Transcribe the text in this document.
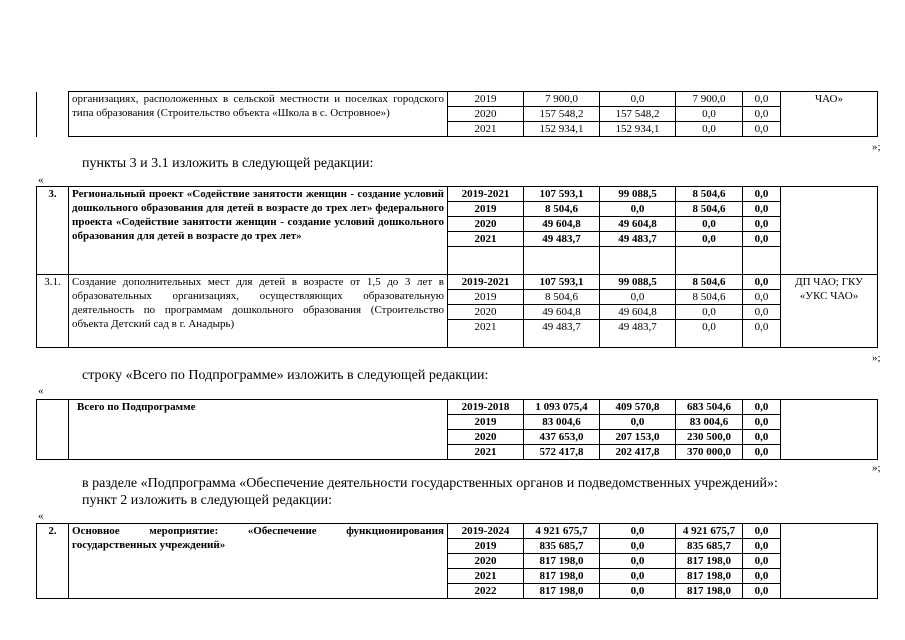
	организациях, расположенных в сельской местности и поселках городского типа образования (Строительство объекта «Школа в с. Островное»)	2019	7 900,0	0,0	7 900,0	0,0	ЧАО»
		2020	157 548,2	157 548,2	0,0	0,0	
		2021	152 934,1	152 934,1	0,0	0,0	
»;
пункты 3 и 3.1 изложить в следующей редакции:
«
3.	Региональный проект «Содействие занятости женщин - создание условий дошкольного образования для детей в возрасте до трех лет» федерального проекта «Содействие занятости женщин - создание условий дошкольного образования для детей в возрасте до трех лет»	2019-2021	107 593,1	99 088,5	8 504,6	0,0	
		2019	8 504,6	0,0	8 504,6	0,0	
		2020	49 604,8	49 604,8	0,0	0,0	
		2021	49 483,7	49 483,7	0,0	0,0	

3.1.	Создание дополнительных мест для детей в возрасте от 1,5 до 3 лет в образовательных организациях, осуществляющих образовательную деятельность по программам дошкольного образования (Строительство объекта Детский сад в г. Анадырь)	2019-2021	107 593,1	99 088,5	8 504,6	0,0	ДП ЧАО; ГКУ «УКС ЧАО»
		2019	8 504,6	0,0	8 504,6	0,0	
		2020	49 604,8	49 604,8	0,0	0,0	
		2021	49 483,7	49 483,7	0,0	0,0	
»;
строку «Всего по Подпрограмме» изложить в следующей редакции:
«
	Всего по Подпрограмме	2019-2018	1 093 075,4	409 570,8	683 504,6	0,0	
		2019	83 004,6	0,0	83 004,6	0,0	
		2020	437 653,0	207 153,0	230 500,0	0,0	
		2021	572 417,8	202 417,8	370 000,0	0,0	
»;
в разделе «Подпрограмма «Обеспечение деятельности государственных органов и подведомственных учреждений»:
пункт 2 изложить в следующей редакции:
«
2.	Основное мероприятие: «Обеспечение функционирования государственных учреждений»	2019-2024	4 921 675,7	0,0	4 921 675,7	0,0	
		2019	835 685,7	0,0	835 685,7	0,0	
		2020	817 198,0	0,0	817 198,0	0,0	
		2021	817 198,0	0,0	817 198,0	0,0	
		2022	817 198,0	0,0	817 198,0	0,0	
